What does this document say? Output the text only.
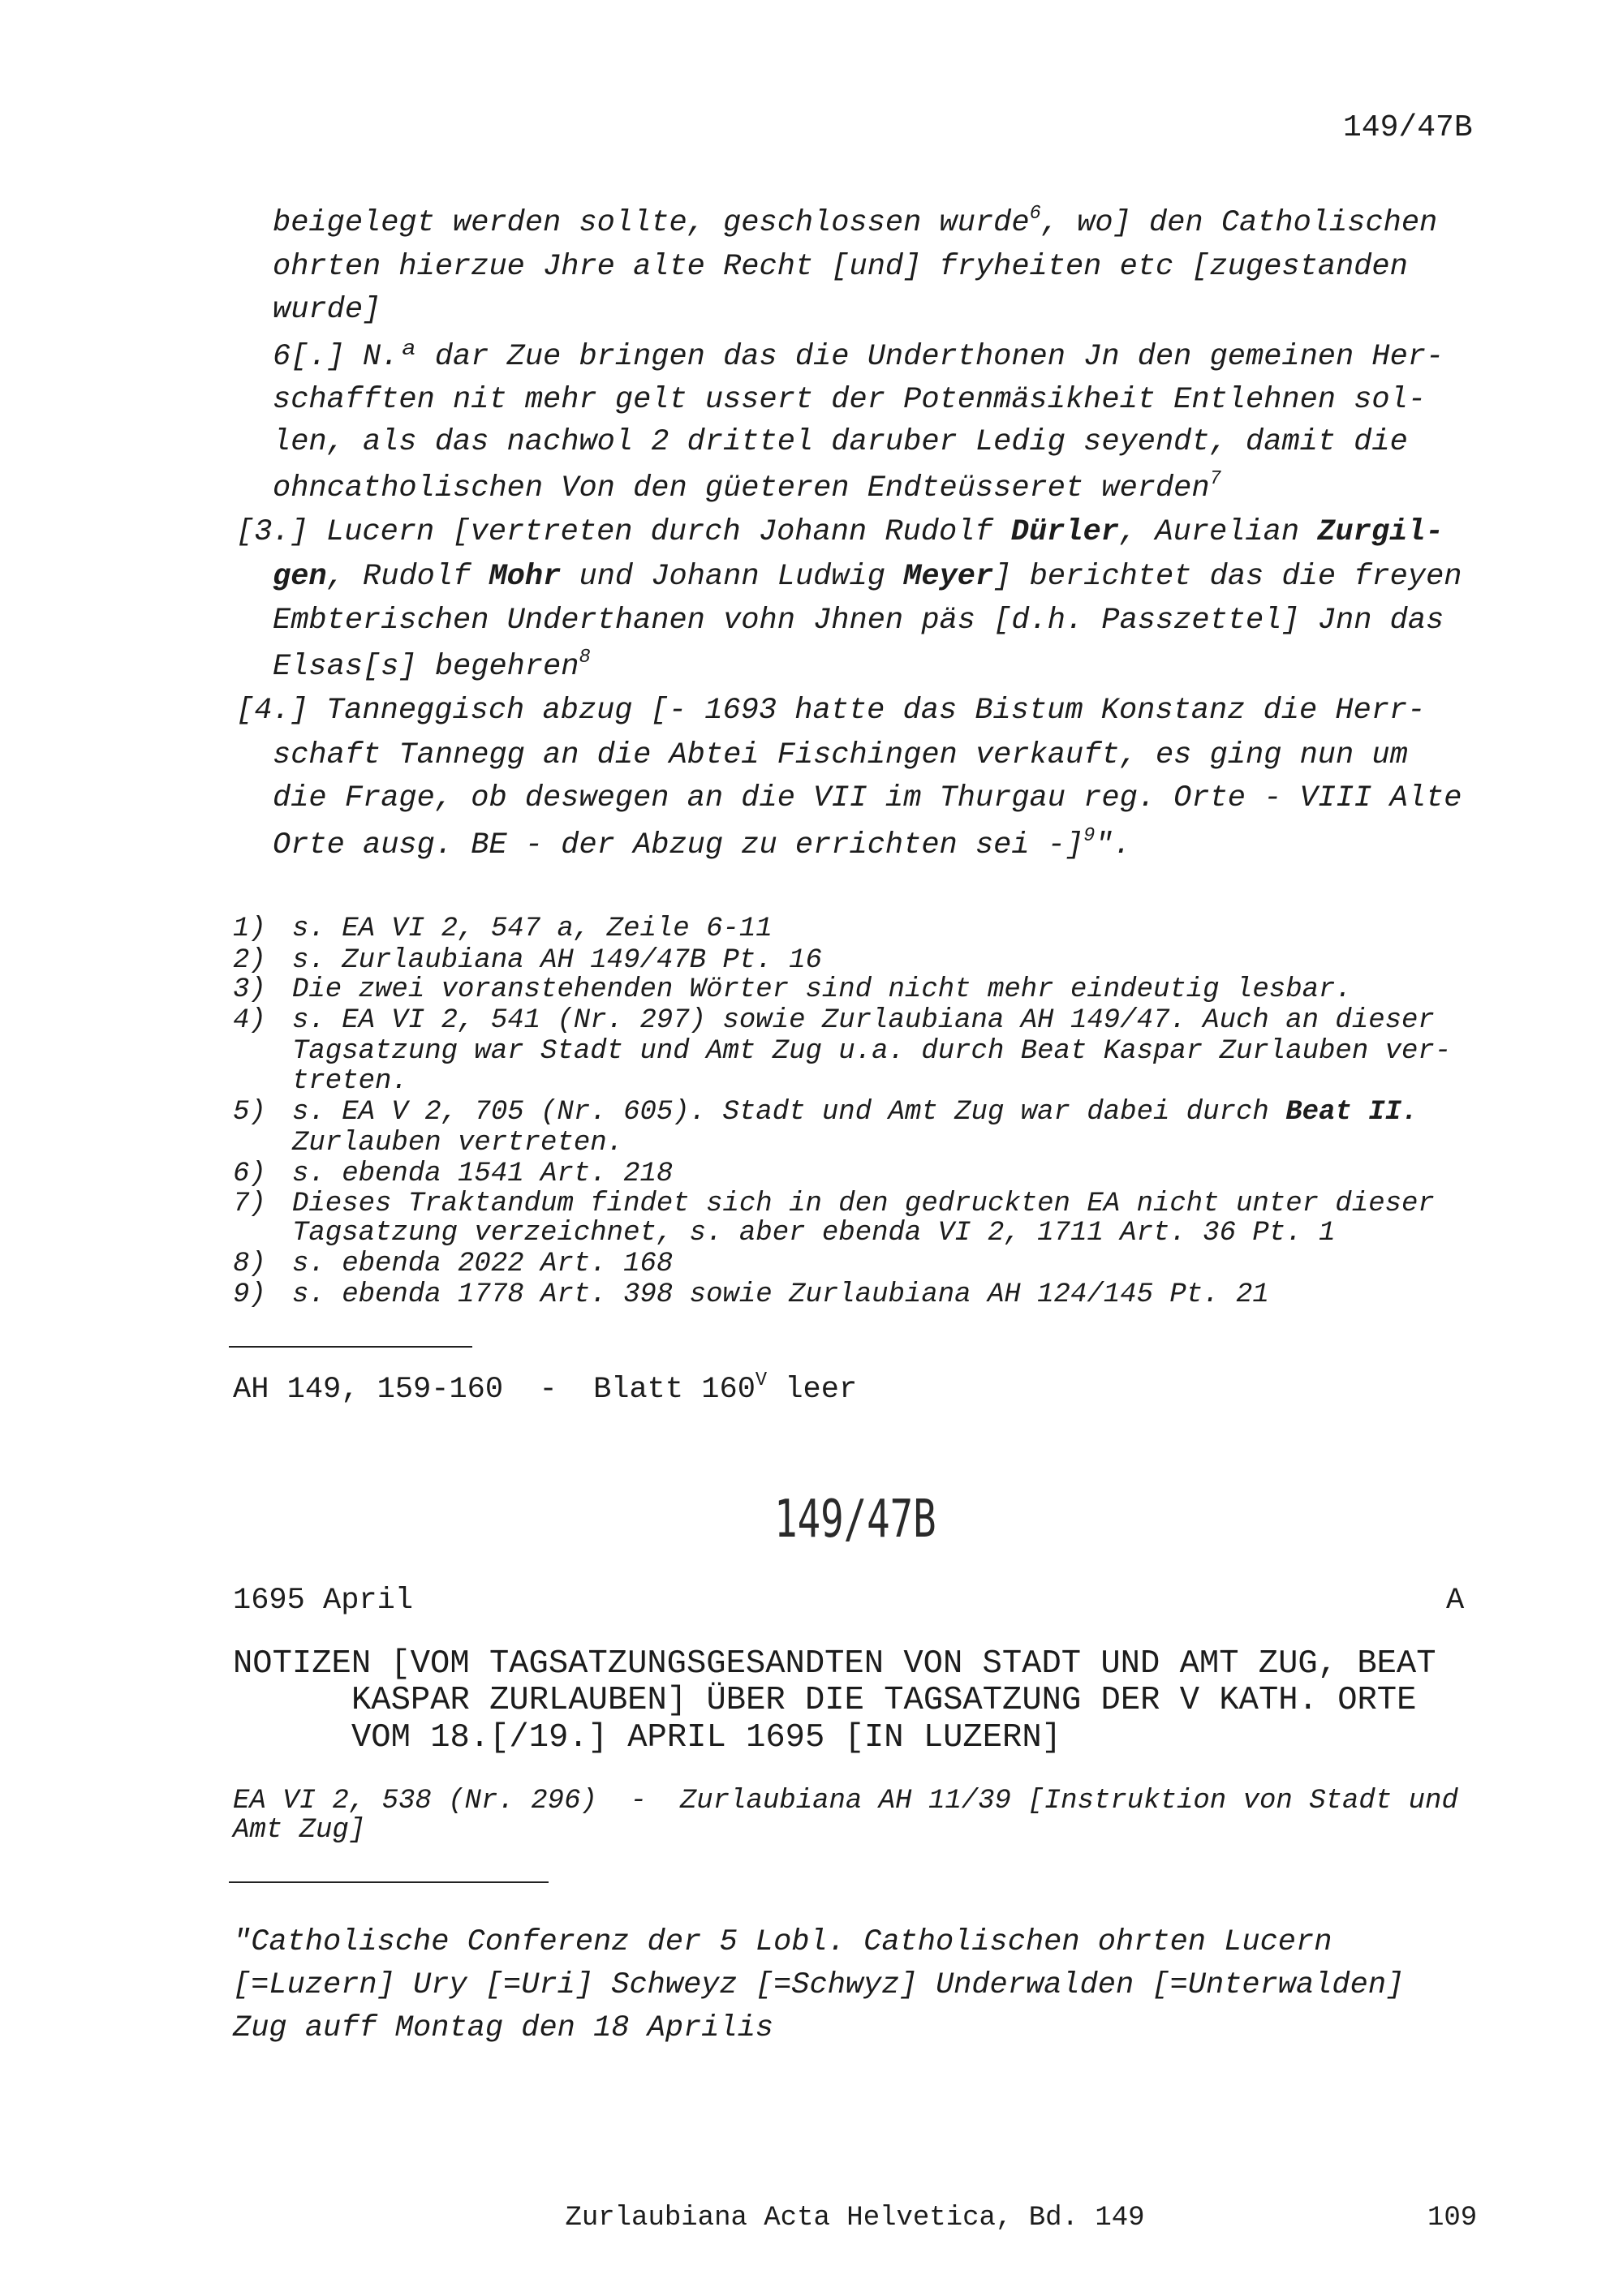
149/47B
beigelegt werden sollte, geschlossen wurde$^6$, wo] den Catholischen
ohrten hierzue Jhre alte Recht [und] fryheiten etc [zugestanden
wurde]
6[.] N.ª dar Zue bringen das die Underthonen Jn den gemeinen Her-
schafften nit mehr gelt ussert der Potenmäsikheit Entlehnen sol-
len, als das nachwol 2 drittel daruber Ledig seyendt, damit die
ohncatholischen Von den güeteren Endteüsseret werden$^7$
[3.] Lucern [vertreten durch Johann Rudolf Dürler, Aurelian Zurgil-
gen, Rudolf Mohr und Johann Ludwig Meyer] berichtet das die freyen
Embterischen Underthanen vohn Jhnen päs [d.h. Passzettel] Jnn das
Elsas[s] begehren$^8$
[4.] Tanneggisch abzug [- 1693 hatte das Bistum Konstanz die Herr-
schaft Tannegg an die Abtei Fischingen verkauft, es ging nun um
die Frage, ob deswegen an die VII im Thurgau reg. Orte - VIII Alte
Orte ausg. BE - der Abzug zu errichten sei -]$^9$".
1) s. EA VI 2, 547 a, Zeile 6-11
2) s. Zurlaubiana AH 149/47B Pt. 16
3) Die zwei voranstehenden Wörter sind nicht mehr eindeutig lesbar.
4) s. EA VI 2, 541 (Nr. 297) sowie Zurlaubiana AH 149/47. Auch an dieser
Tagsatzung war Stadt und Amt Zug u.a. durch Beat Kaspar Zurlauben ver-
treten.
5) s. EA V 2, 705 (Nr. 605). Stadt und Amt Zug war dabei durch Beat II.
Zurlauben vertreten.
6) s. ebenda 1541 Art. 218
7) Dieses Traktandum findet sich in den gedruckten EA nicht unter dieser
Tagsatzung verzeichnet, s. aber ebenda VI 2, 1711 Art. 36 Pt. 1
8) s. ebenda 2022 Art. 168
9) s. ebenda 1778 Art. 398 sowie Zurlaubiana AH 124/145 Pt. 21
AH 149, 159-160  -  Blatt $160^V$ leer
149/47B
1695 April	A
NOTIZEN [VOM TAGSATZUNGSGESANDTEN VON STADT UND AMT ZUG, BEAT
KASPAR ZURLAUBEN] ÜBER DIE TAGSATZUNG DER V KATH. ORTE
VOM 18.[/19.] APRIL 1695 [IN LUZERN]
EA VI 2, 538 (Nr. 296)  -  Zurlaubiana AH 11/39 [Instruktion von Stadt und
Amt Zug]
"Catholische Conferenz der 5 Lobl. Catholischen ohrten Lucern
[=Luzern] Ury [=Uri] Schweyz [=Schwyz] Underwalden [=Unterwalden]
Zug auff Montag den 18 Aprilis
Zurlaubiana Acta Helvetica, Bd. 149	109
